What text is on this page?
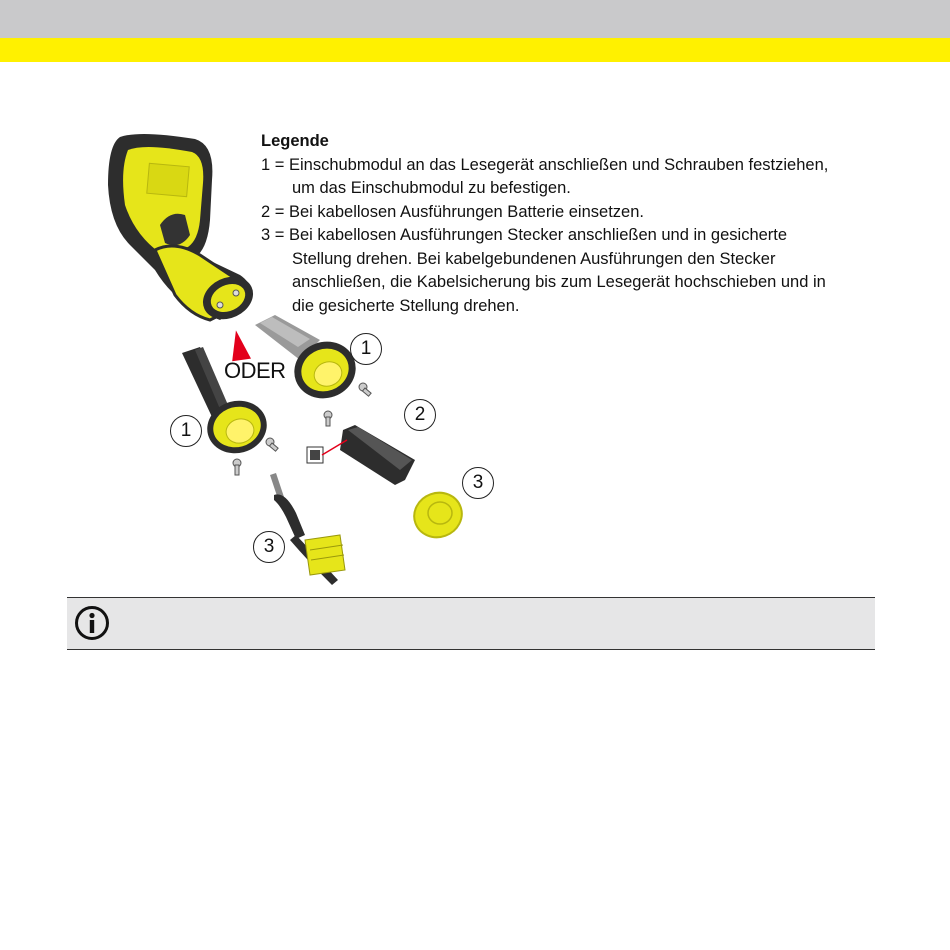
1
1
2
3
3
ODER
Legende
1 = Einschubmodul an das Lesegerät anschließen und Schrauben festziehen, um das Einschubmodul zu befestigen.
2 = Bei kabellosen Ausführungen Batterie einsetzen.
3 = Bei kabellosen Ausführungen Stecker anschließen und in gesicherte Stellung drehen. Bei kabelgebundenen Ausführungen den Stecker anschließen, die Kabelsicherung bis zum Lesegerät hochschieben und in die gesicherte Stellung drehen.
